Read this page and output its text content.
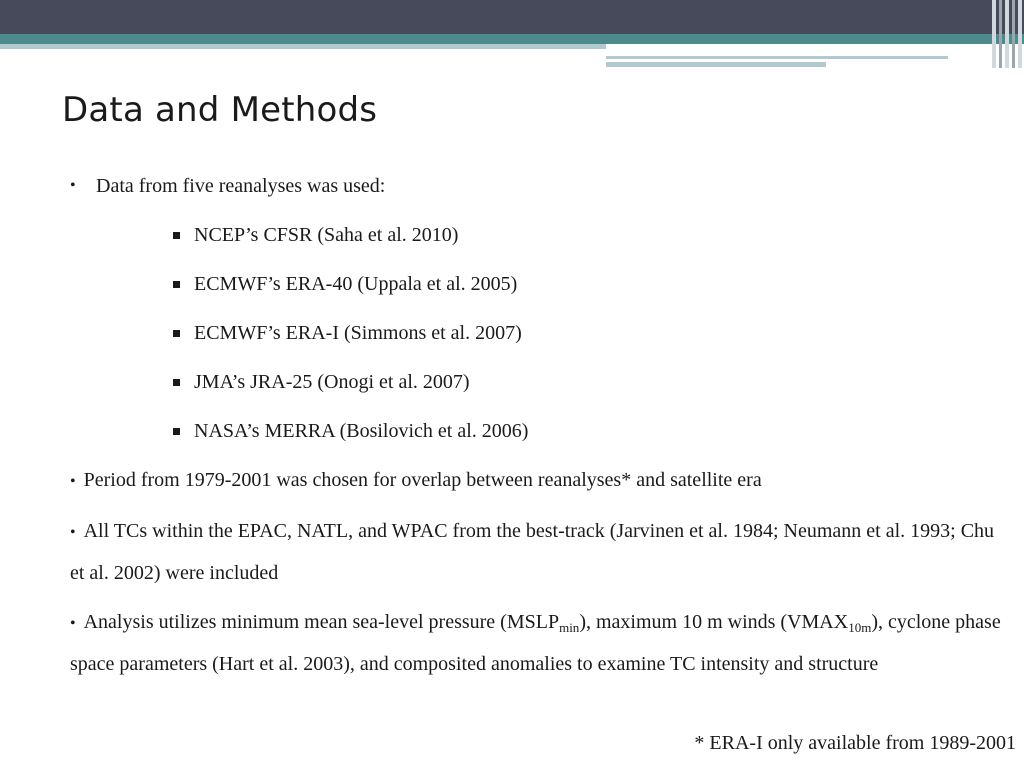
Data and Methods
• Data from five reanalyses was used:
NCEP’s CFSR (Saha et al. 2010)
ECMWF’s ERA-40 (Uppala et al. 2005)
ECMWF’s ERA-I (Simmons et al. 2007)
JMA’s JRA-25 (Onogi et al. 2007)
NASA’s MERRA (Bosilovich et al. 2006)
• Period from 1979-2001 was chosen for overlap between reanalyses* and satellite era
• All TCs within the EPAC, NATL, and WPAC from the best-track (Jarvinen et al. 1984; Neumann et al. 1993; Chu et al. 2002) were included
• Analysis utilizes minimum mean sea-level pressure $(MSLP_{min})$, maximum 10 m winds $(VMAX_{10m})$, cyclone phase space parameters (Hart et al. 2003), and composited anomalies to examine TC intensity and structure
* ERA-I only available from 1989-2001
